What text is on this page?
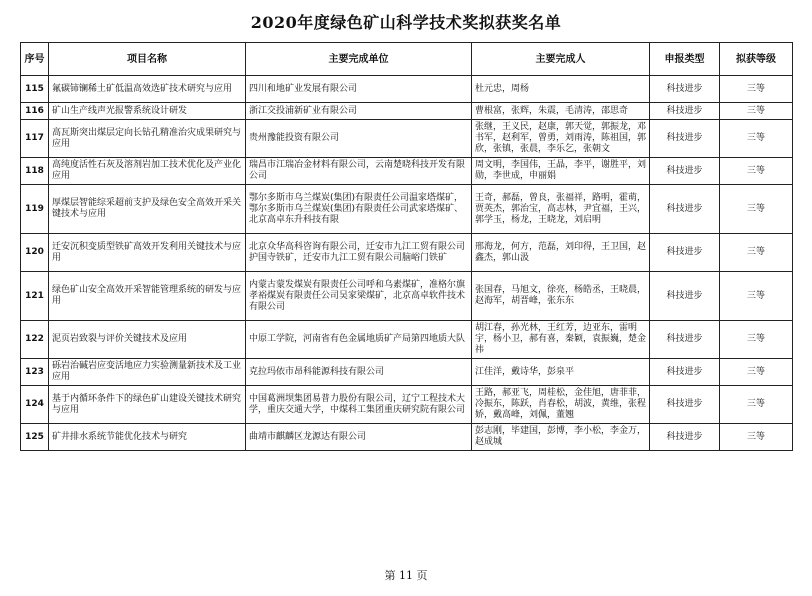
2020年度绿色矿山科学技术奖拟获奖名单
序号	项目名称	主要完成单位	主要完成人	申报类型	拟获等级
115	氟碳铈镧稀土矿低温高效选矿技术研究与应用	四川和地矿业发展有限公司	杜元忠，周杨	科技进步	三等
116	矿山生产线声光报警系统设计研发	浙江交投浦新矿业有限公司	曹根富，张辉，朱震，毛清涛，邵思奇	科技进步	三等
117	高瓦斯突出煤层定向长钻孔精准治灾成果研究与应用	贵州豫能投资有限公司	张继，王义民，赵康，郭天觉，郭振龙，邓书军，赵利军，曾勇，刘雨涛，陈祖国，郭欣，张镇，张晨，李乐乞，张朝文	科技进步	三等
118	高纯度活性石灰及溶剂岩加工技术优化及产业化应用	瑞昌市江瑞冶金材料有限公司，云南楚晓科技开发有限公司	周文明，李国伟，王晶，李平，谢胜平，刘勋，李世成，申丽娟	科技进步	三等
119	厚煤层智能综采超前支护及绿色安全高效开采关键技术与应用	鄂尔多斯市乌兰煤炭(集团)有限责任公司温家塔煤矿，鄂尔多斯市乌兰煤炭(集团)有限责任公司武家塔煤矿、北京高卓东升科技有限	王奇，郝磊，曾良，张福祥，路明，霍萌，贾英杰，郭治宝，高志林，尹宜福，王兴，郭学玉，杨龙，王晓龙，刘启明	科技进步	三等
120	迁安沉积变质型铁矿高效开发利用关键技术与应用	北京众华高科咨询有限公司，迁安市九江工贸有限公司护国寺铁矿，迁安市九江工贸有限公司脑峪门铁矿	邢海龙，何方，范磊，刘印得，王卫国，赵鑫杰，郭山汲	科技进步	三等
121	绿色矿山安全高效开采智能管理系统的研发与应用	内蒙古蒙发煤炭有限责任公司呼和乌素煤矿，准格尔旗孝裕煤炭有限责任公司吴家梁煤矿，北京高卓软件技术有限公司	张国春，马旭文，徐亮，杨皓丞，王晓晨，赵海军，胡晋峰，张东东	科技进步	三等
122	泥页岩致裂与评价关键技术及应用	中原工学院，河南省有色金属地质矿产局第四地质大队	胡江春，孙光林，王红芳，边亚东，雷明宇，杨小卫，郝有喜，秦颖，袁振巍，楚金祎	科技进步	三等
123	砾岩治碱岩应变活地应力实验测量新技术及工业应用	克拉玛依市昂科能源科技有限公司	江佳洋，戴诗华，彭泉平	科技进步	三等
124	基于内循环条件下的绿色矿山建设关键技术研究与应用	中国葛洲坝集团易普力股份有限公司，辽宁工程技术大学，重庆交通大学，中煤科工集团重庆研究院有限公司	王路，郝亚飞，周桂松，金佳旭，唐菲菲，冷振东，陈跃，肖春松，胡波，黄维，张程娇，戴高峰，刘佩，董翘	科技进步	三等
125	矿井排水系统节能优化技术与研究	曲靖市麒麟区龙源达有限公司	彭志刚，毕建国，彭博，李小松，李金万，赵成城	科技进步	三等
第 11 页
